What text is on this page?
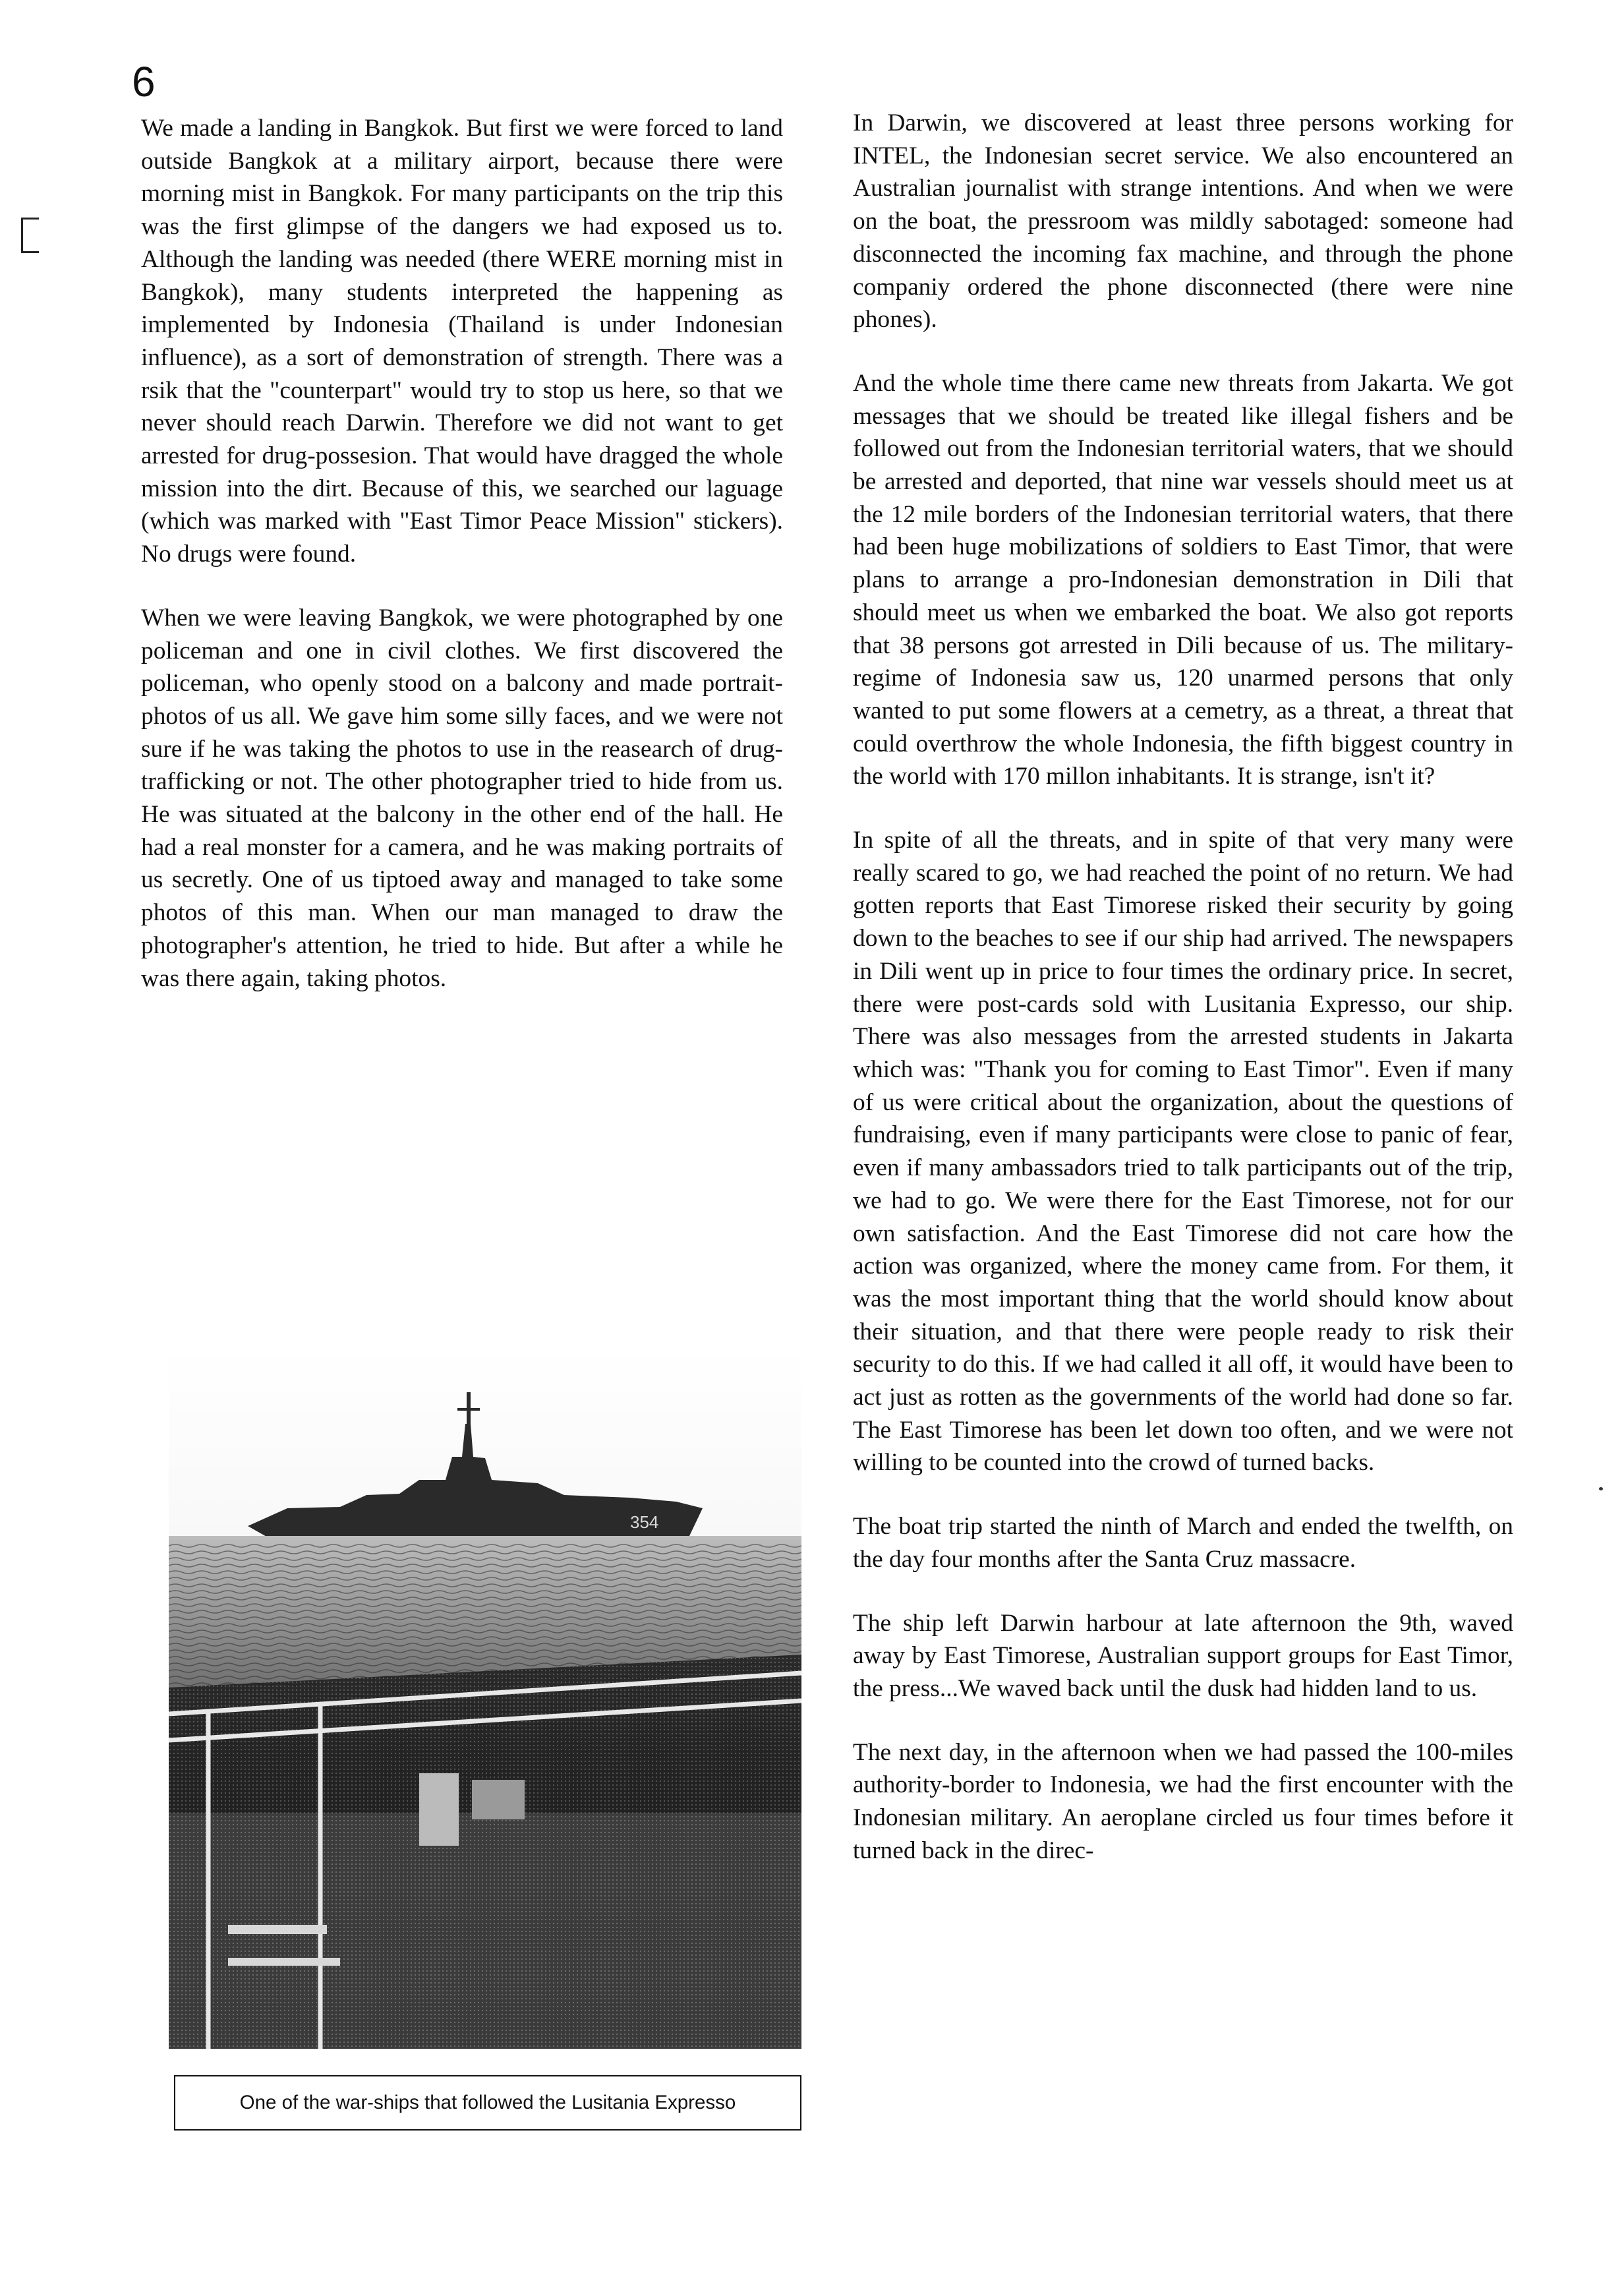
6

We made a landing in Bangkok. But first we were forced to land outside Bangkok at a military airport, because there were morning mist in Bangkok. For many participants on the trip this was the first glimpse of the dangers we had exposed us to. Although the landing was needed (there WERE morning mist in Bangkok), many students interpreted the happening as implemented by Indonesia (Thailand is under Indonesian influence), as a sort of demonstration of strength. There was a rsik that the "counterpart" would try to stop us here, so that we never should reach Darwin. Therefore we did not want to get arrested for drug-possesion. That would have dragged the whole mission into the dirt. Because of this, we searched our laguage (which was marked with "East Timor Peace Mission" stickers). No drugs were found.

When we were leaving Bangkok, we were photographed by one policeman and one in civil clothes. We first discovered the policeman, who openly stood on a balcony and made portrait-photos of us all. We gave him some silly faces, and we were not sure if he was taking the photos to use in the reasearch of drug-trafficking or not. The other photographer tried to hide from us. He was situated at the balcony in the other end of the hall. He had a real monster for a camera, and he was making portraits of us secretly. One of us tiptoed away and managed to take some photos of this man. When our man managed to draw the photographer's attention, he tried to hide. But after a while he was there again, taking photos.

354
One of the war-ships that followed the Lusitania Expresso

In Darwin, we discovered at least three persons working for INTEL, the Indonesian secret service. We also encountered an Australian journalist with strange intentions. And when we were on the boat, the pressroom was mildly sabotaged: someone had disconnected the incoming fax machine, and through the phone companiy ordered the phone disconnected (there were nine phones).

And the whole time there came new threats from Jakarta. We got messages that we should be treated like illegal fishers and be followed out from the Indonesian territorial waters, that we should be arrested and deported, that nine war vessels should meet us at the 12 mile borders of the Indonesian territorial waters, that there had been huge mobilizations of soldiers to East Timor, that were plans to arrange a pro-Indonesian demonstration in Dili that should meet us when we embarked the boat. We also got reports that 38 persons got arrested in Dili because of us. The military-regime of Indonesia saw us, 120 unarmed persons that only wanted to put some flowers at a cemetry, as a threat, a threat that could overthrow the whole Indonesia, the fifth biggest country in the world with 170 millon inhabitants. It is strange, isn't it?

In spite of all the threats, and in spite of that very many were really scared to go, we had reached the point of no return. We had gotten reports that East Timorese risked their security by going down to the beaches to see if our ship had arrived. The newspapers in Dili went up in price to four times the ordinary price. In secret, there were post-cards sold with Lusitania Expresso, our ship. There was also messages from the arrested students in Jakarta which was: "Thank you for coming to East Timor". Even if many of us were critical about the organization, about the questions of fundraising, even if many participants were close to panic of fear, even if many ambassadors tried to talk participants out of the trip, we had to go. We were there for the East Timorese, not for our own satisfaction. And the East Timorese did not care how the action was organized, where the money came from. For them, it was the most important thing that the world should know about their situation, and that there were people ready to risk their security to do this. If we had called it all off, it would have been to act just as rotten as the governments of the world had done so far. The East Timorese has been let down too often, and we were not willing to be counted into the crowd of turned backs.

The boat trip started the ninth of March and ended the twelfth, on the day four months after the Santa Cruz massacre.

The ship left Darwin harbour at late afternoon the 9th, waved away by East Timorese, Australian support groups for East Timor, the press...We waved back until the dusk had hidden land to us.

The next day, in the afternoon when we had passed the 100-miles authority-border to Indonesia, we had the first encounter with the Indonesian military. An aeroplane circled us four times before it turned back in the direc-
